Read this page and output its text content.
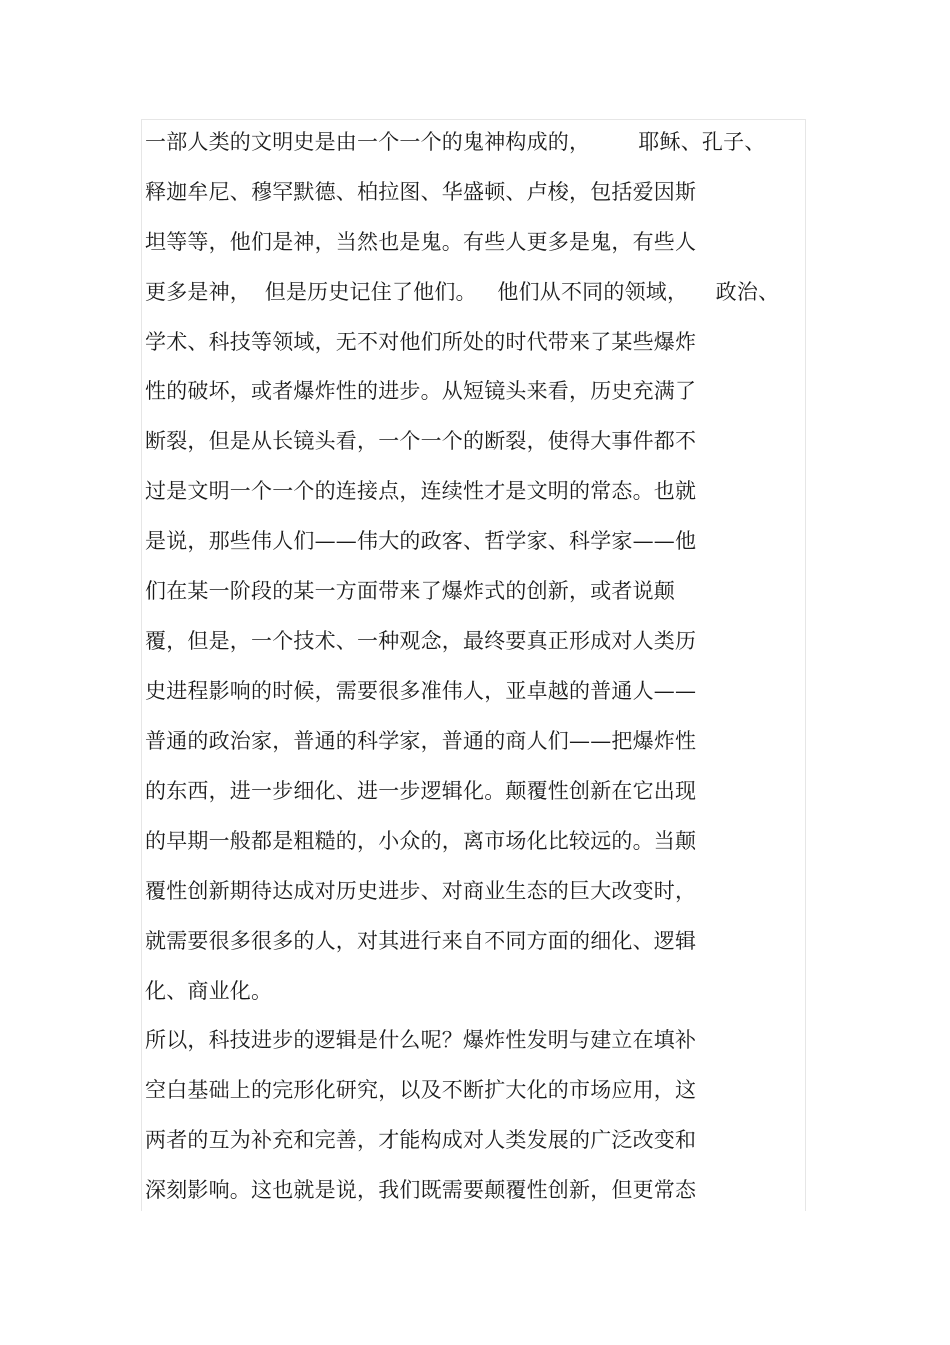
一部人类的文明史是由一个一个的鬼神构成的，       耶稣、孔子、
释迦牟尼、穆罕默德、柏拉图、华盛顿、卢梭，包括爱因斯
坦等等，他们是神，当然也是鬼。有些人更多是鬼，有些人
更多是神，  但是历史记住了他们。   他们从不同的领域，    政治、
学术、科技等领域，无不对他们所处的时代带来了某些爆炸
性的破坏，或者爆炸性的进步。从短镜头来看，历史充满了
断裂，但是从长镜头看，一个一个的断裂，使得大事件都不
过是文明一个一个的连接点，连续性才是文明的常态。也就
是说，那些伟人们——伟大的政客、哲学家、科学家——他
们在某一阶段的某一方面带来了爆炸式的创新，或者说颠
覆，但是，一个技术、一种观念，最终要真正形成对人类历
史进程影响的时候，需要很多准伟人，亚卓越的普通人——
普通的政治家，普通的科学家，普通的商人们——把爆炸性
的东西，进一步细化、进一步逻辑化。颠覆性创新在它出现
的早期一般都是粗糙的，小众的，离市场化比较远的。当颠
覆性创新期待达成对历史进步、对商业生态的巨大改变时，
就需要很多很多的人，对其进行来自不同方面的细化、逻辑
化、商业化。
所以，科技进步的逻辑是什么呢？爆炸性发明与建立在填补
空白基础上的完形化研究，以及不断扩大化的市场应用，这
两者的互为补充和完善，才能构成对人类发展的广泛改变和
深刻影响。这也就是说，我们既需要颠覆性创新，但更常态
